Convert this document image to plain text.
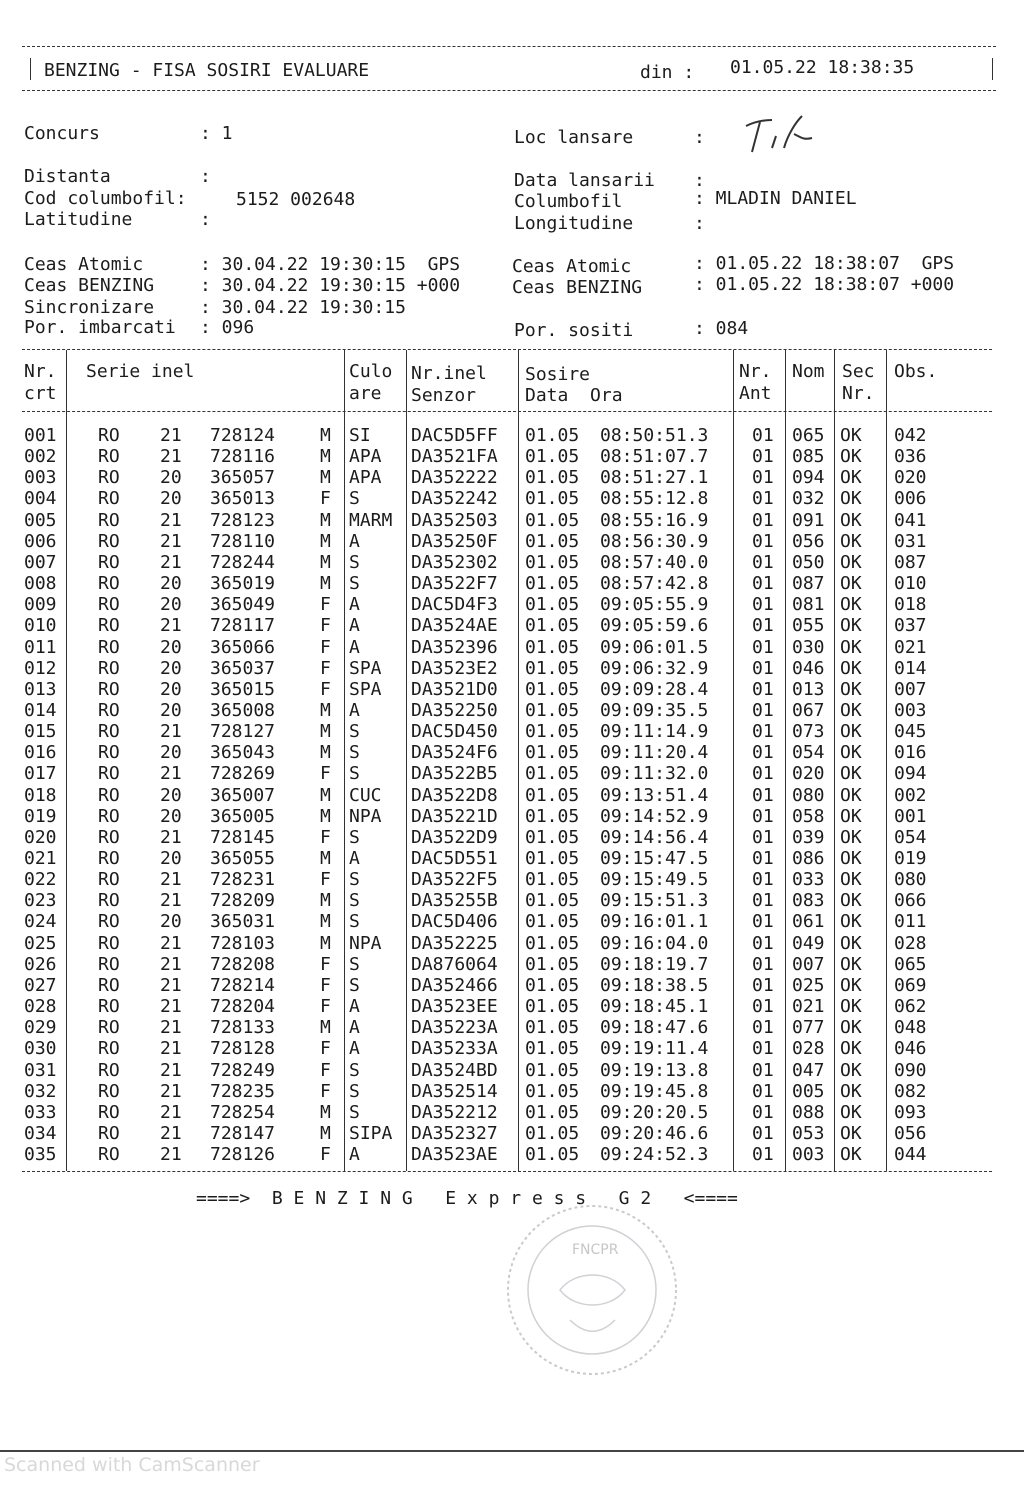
BENZING - FISA SOSIRI EVALUARE	din : 01.05.22 18:38:35
Concurs	: 1	Loc lansare	:
Distanta	:
Cod columbofil:	5152 002648
Latitudine	:
Data lansarii :
Columbofil	: MLADIN DANIEL
Longitudine	:
Ceas Atomic	: 30.04.22 19:30:15  GPS
Ceas BENZING	: 30.04.22 19:30:15 +000
Sincronizare	: 30.04.22 19:30:15
Por. imbarcati : 096
Ceas Atomic	: 01.05.22 18:38:07  GPS
Ceas BENZING	: 01.05.22 18:38:07 +000
Por. sositi	: 084
Nr.
crt
Serie inel	Culo
are
Nr.inel
Senzor
Sosire
Data  Ora
Nr.
Ant
Nom Sec
Nr.
Obs.
001 RO 21 728124 M SI DAC5D5FF 01.05 08:50:51.3 01 065 OK 042
002 RO 21 728116 M APA DA3521FA 01.05 08:51:07.7 01 085 OK 036
003 RO 20 365057 M APA DA352222 01.05 08:51:27.1 01 094 OK 020
004 RO 20 365013 F S	DA352242 01.05 08:55:12.8 01 032 OK 006
005 RO 21 728123 M MARM DA352503 01.05 08:55:16.9 01 091 OK 041
006 RO 21 728110 M A	DA35250F 01.05 08:56:30.9 01 056 OK 031
007 RO 21 728244 M S	DA352302 01.05 08:57:40.0 01 050 OK 087
008 RO 20 365019 M S	DA3522F7 01.05 08:57:42.8 01 087 OK 010
009 RO 20 365049 F A	DAC5D4F3 01.05 09:05:55.9 01 081 OK 018
010 RO 21 728117 F A	DA3524AE 01.05 09:05:59.6 01 055 OK 037
011 RO 20 365066 F A	DA352396 01.05 09:06:01.5 01 030 OK 021
012 RO 20 365037 F SPA DA3523E2 01.05 09:06:32.9 01 046 OK 014
013 RO 20 365015 F SPA DA3521D0 01.05 09:09:28.4 01 013 OK 007
014 RO 20 365008 M A	DA352250 01.05 09:09:35.5 01 067 OK 003
015 RO 21 728127 M S	DAC5D450 01.05 09:11:14.9 01 073 OK 045
016 RO 20 365043 M S	DA3524F6 01.05 09:11:20.4 01 054 OK 016
017 RO 21 728269 F S	DA3522B5 01.05 09:11:32.0 01 020 OK 094
018 RO 20 365007 M CUC DA3522D8 01.05 09:13:51.4 01 080 OK 002
019 RO 20 365005 M NPA DA35221D 01.05 09:14:52.9 01 058 OK 001
020 RO 21 728145 F S	DA3522D9 01.05 09:14:56.4 01 039 OK 054
021 RO 20 365055 M A	DAC5D551 01.05 09:15:47.5 01 086 OK 019
022 RO 21 728231 F S	DA3522F5 01.05 09:15:49.5 01 033 OK 080
023 RO 21 728209 M S	DA35255B 01.05 09:15:51.3 01 083 OK 066
024 RO 20 365031 M S	DAC5D406 01.05 09:16:01.1 01 061 OK 011
025 RO 21 728103 M NPA DA352225 01.05 09:16:04.0 01 049 OK 028
026 RO 21 728208 F S	DA876064 01.05 09:18:19.7 01 007 OK 065
027 RO 21 728214 F S	DA352466 01.05 09:18:38.5 01 025 OK 069
028 RO 21 728204 F A	DA3523EE 01.05 09:18:45.1 01 021 OK 062
029 RO 21 728133 M A	DA35223A 01.05 09:18:47.6 01 077 OK 048
030 RO 21 728128 F A	DA35233A 01.05 09:19:11.4 01 028 OK 046
031 RO 21 728249 F S	DA3524BD 01.05 09:19:13.8 01 047 OK 090
032 RO 21 728235 F S	DA352514 01.05 09:19:45.8 01 005 OK 082
033 RO 21 728254 M S	DA352212 01.05 09:20:20.5 01 088 OK 093
034 RO 21 728147 M SIPA DA352327 01.05 09:20:46.6 01 053 OK 056
035 RO 21 728126 F A	DA3523AE 01.05 09:24:52.3 01 003 OK 044
====>  B E N Z I N G   E x p r e s s   G 2   <====
FNCPR
Scanned with CamScanner
